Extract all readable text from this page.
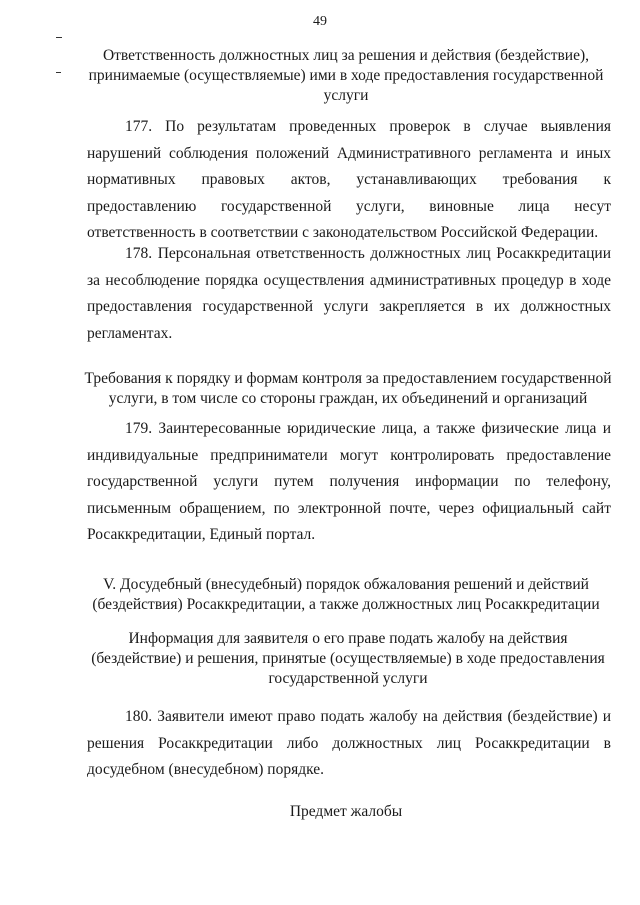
49
Ответственность должностных лиц за решения и действия (бездействие), принимаемые (осуществляемые) ими в ходе предоставления государственной услуги

177. По результатам проведенных проверок в случае выявления нарушений соблюдения положений Административного регламента и иных нормативных правовых актов, устанавливающих требования к предоставлению государственной услуги, виновные лица несут ответственность в соответствии с законодательством Российской Федерации.

178. Персональная ответственность должностных лиц Росаккредитации за несоблюдение порядка осуществления административных процедур в ходе предоставления государственной услуги закрепляется в их должностных регламентах.

Требования к порядку и формам контроля за предоставлением государственной услуги, в том числе со стороны граждан, их объединений и организаций

179. Заинтересованные юридические лица, а также физические лица и индивидуальные предприниматели могут контролировать предоставление государственной услуги путем получения информации по телефону, письменным обращением, по электронной почте, через официальный сайт Росаккредитации, Единый портал.

V. Досудебный (внесудебный) порядок обжалования решений и действий (бездействия) Росаккредитации, а также должностных лиц Росаккредитации
Информация для заявителя о его праве подать жалобу на действия (бездействие) и решения, принятые (осуществляемые) в ходе предоставления государственной услуги

180. Заявители имеют право подать жалобу на действия (бездействие) и решения Росаккредитации либо должностных лиц Росаккредитации в досудебном (внесудебном) порядке.

Предмет жалобы
